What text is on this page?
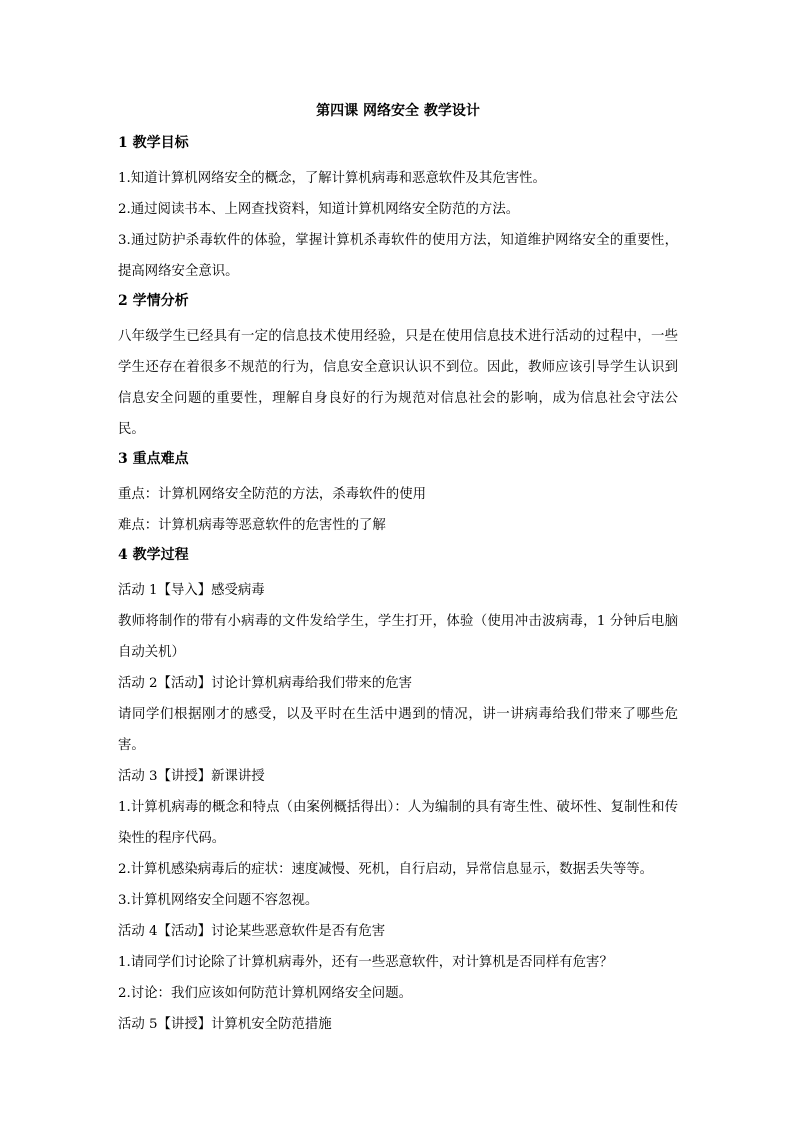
第四课 网络安全 教学设计
1 教学目标
1.知道计算机网络安全的概念，了解计算机病毒和恶意软件及其危害性。
2.通过阅读书本、上网查找资料，知道计算机网络安全防范的方法。
3.通过防护杀毒软件的体验，掌握计算机杀毒软件的使用方法，知道维护网络安全的重要性，提高网络安全意识。
2 学情分析
八年级学生已经具有一定的信息技术使用经验，只是在使用信息技术进行活动的过程中，一些学生还存在着很多不规范的行为，信息安全意识认识不到位。因此，教师应该引导学生认识到信息安全问题的重要性，理解自身良好的行为规范对信息社会的影响，成为信息社会守法公民。
3 重点难点
重点：计算机网络安全防范的方法，杀毒软件的使用
难点：计算机病毒等恶意软件的危害性的了解
4 教学过程
活动 1【导入】感受病毒
教师将制作的带有小病毒的文件发给学生，学生打开，体验（使用冲击波病毒，1 分钟后电脑自动关机）
活动 2【活动】讨论计算机病毒给我们带来的危害
请同学们根据刚才的感受，以及平时在生活中遇到的情况，讲一讲病毒给我们带来了哪些危害。
活动 3【讲授】新课讲授
1.计算机病毒的概念和特点（由案例概括得出）：人为编制的具有寄生性、破坏性、复制性和传染性的程序代码。
2.计算机感染病毒后的症状：速度减慢、死机，自行启动，异常信息显示，数据丢失等等。
3.计算机网络安全问题不容忽视。
活动 4【活动】讨论某些恶意软件是否有危害
1.请同学们讨论除了计算机病毒外，还有一些恶意软件，对计算机是否同样有危害？
2.讨论：我们应该如何防范计算机网络安全问题。
活动 5【讲授】计算机安全防范措施
